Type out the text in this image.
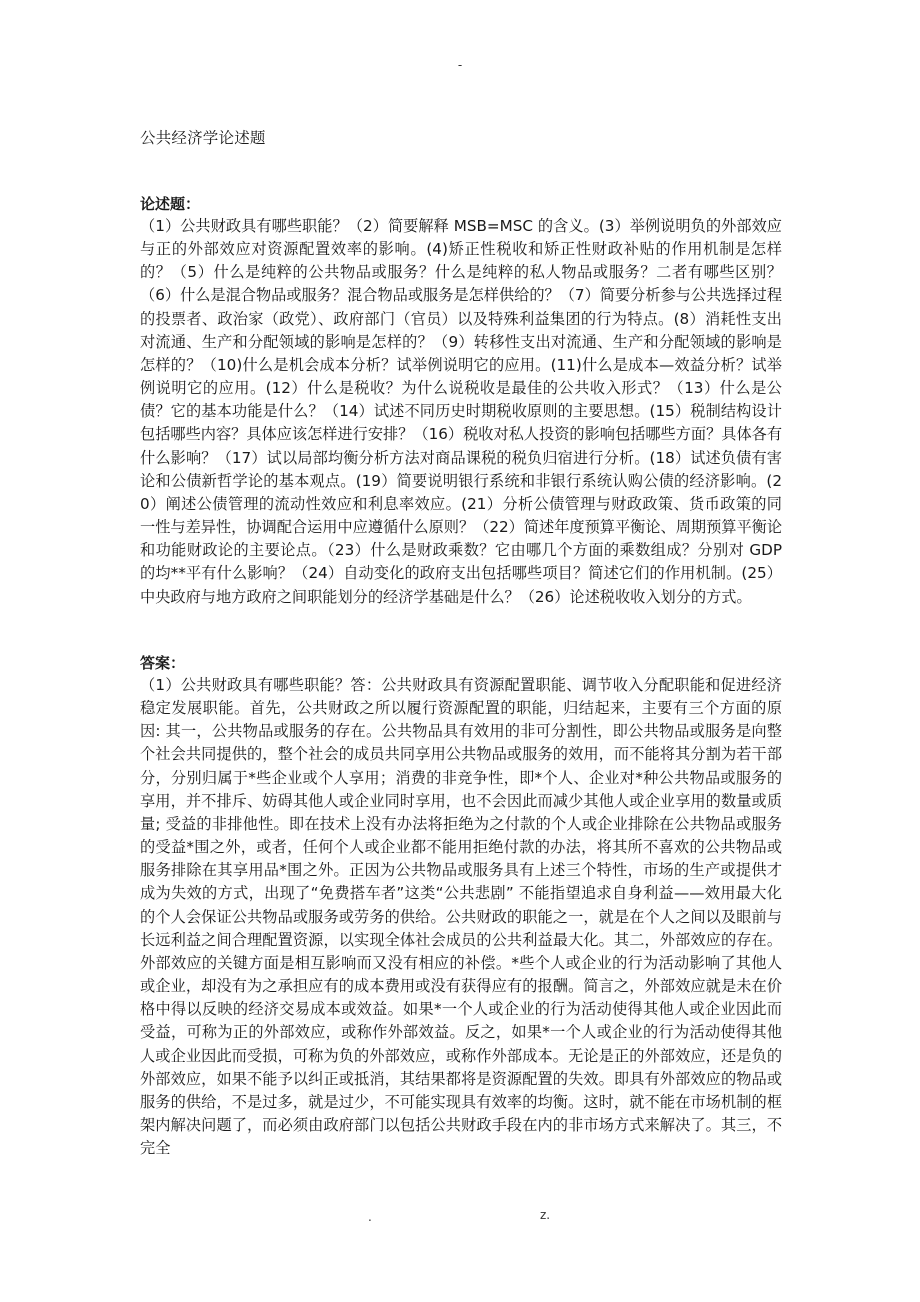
-
公共经济学论述题
论述题：
（1）公共财政具有哪些职能？（2）简要解释 MSB=MSC 的含义。(3）举例说明负的外部效应与正的外部效应对资源配置效率的影响。(4)矫正性税收和矫正性财政补贴的作用机制是怎样的？（5）什么是纯粹的公共物品或服务？什么是纯粹的私人物品或服务？二者有哪些区别？（6）什么是混合物品或服务？混合物品或服务是怎样供给的？（7）简要分析参与公共选择过程的投票者、政治家（政党）、政府部门（官员）以及特殊利益集团的行为特点。(8）消耗性支出对流通、生产和分配领域的影响是怎样的？（9）转移性支出对流通、生产和分配领域的影响是怎样的？（10)什么是机会成本分析？试举例说明它的应用。(11)什么是成本—效益分析？试举例说明它的应用。(12）什么是税收？为什么说税收是最佳的公共收入形式？（13）什么是公债？它的基本功能是什么？（14）试述不同历史时期税收原则的主要思想。(15）税制结构设计包括哪些内容？具体应该怎样进行安排？（16）税收对私人投资的影响包括哪些方面？具体各有什么影响？（17）试以局部均衡分析方法对商品课税的税负归宿进行分析。(18）试述负债有害论和公债新哲学论的基本观点。(19）简要说明银行系统和非银行系统认购公债的经济影响。(20）阐述公债管理的流动性效应和利息率效应。(21）分析公债管理与财政政策、货币政策的同一性与差异性，协调配合运用中应遵循什么原则？（22）简述年度预算平衡论、周期预算平衡论和功能财政论的主要论点。（23）什么是财政乘数？它由哪几个方面的乘数组成？分别对 GDP 的均**平有什么影响？（24）自动变化的政府支出包括哪些项目？简述它们的作用机制。(25）中央政府与地方政府之间职能划分的经济学基础是什么？（26）论述税收收入划分的方式。
答案：
（1）公共财政具有哪些职能？答：公共财政具有资源配置职能、调节收入分配职能和促进经济稳定发展职能。首先，公共财政之所以履行资源配置的职能，归结起来，主要有三个方面的原因: 其一，公共物品或服务的存在。公共物品具有效用的非可分割性，即公共物品或服务是向整个社会共同提供的，整个社会的成员共同享用公共物品或服务的效用，而不能将其分割为若干部分，分别归属于*些企业或个人享用；消费的非竞争性，即*个人、企业对*种公共物品或服务的享用，并不排斥、妨碍其他人或企业同时享用，也不会因此而减少其他人或企业享用的数量或质量; 受益的非排他性。即在技术上没有办法将拒绝为之付款的个人或企业排除在公共物品或服务的受益*围之外，或者，任何个人或企业都不能用拒绝付款的办法，将其所不喜欢的公共物品或服务排除在其享用品*围之外。正因为公共物品或服务具有上述三个特性，市场的生产或提供才成为失效的方式，出现了“免费搭车者”这类“公共悲剧” 不能指望追求自身利益——效用最大化的个人会保证公共物品或服务或劳务的供给。公共财政的职能之一，就是在个人之间以及眼前与长远利益之间合理配置资源，以实现全体社会成员的公共利益最大化。其二，外部效应的存在。外部效应的关键方面是相互影响而又没有相应的补偿。*些个人或企业的行为活动影响了其他人或企业，却没有为之承担应有的成本费用或没有获得应有的报酬。简言之，外部效应就是未在价格中得以反映的经济交易成本或效益。如果*一个人或企业的行为活动使得其他人或企业因此而受益，可称为正的外部效应，或称作外部效益。反之，如果*一个人或企业的行为活动使得其他人或企业因此而受损，可称为负的外部效应，或称作外部成本。无论是正的外部效应，还是负的外部效应，如果不能予以纠正或抵消，其结果都将是资源配置的失效。即具有外部效应的物品或服务的供给，不是过多，就是过少，不可能实现具有效率的均衡。这时，就不能在市场机制的框架内解决问题了，而必须由政府部门以包括公共财政手段在内的非市场方式来解决了。其三，不完全
.	z.
